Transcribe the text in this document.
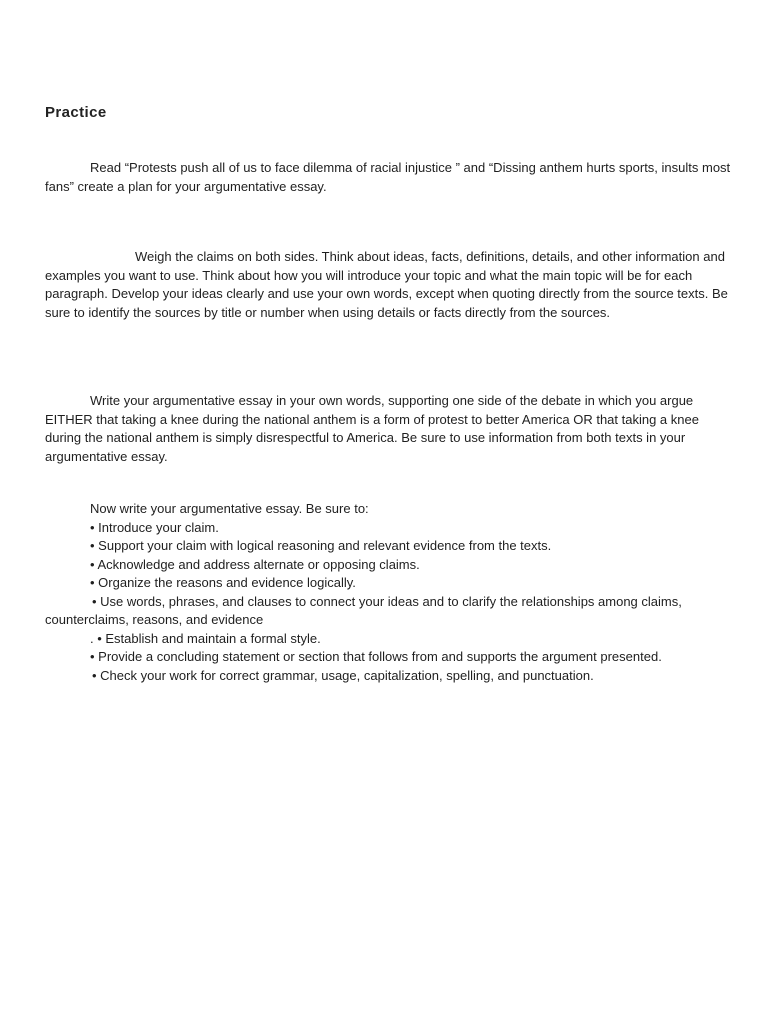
Practice

Read “Protests push all of us to face dilemma of racial injustice ” and “Dissing anthem hurts sports, insults most fans” create a plan for your argumentative essay.

Weigh the claims on both sides. Think about ideas, facts, definitions, details, and other information and examples you want to use. Think about how you will introduce your topic and what the main topic will be for each paragraph. Develop your ideas clearly and use your own words, except when quoting directly from the source texts. Be sure to identify the sources by title or number when using details or facts directly from the sources.

Write your argumentative essay in your own words, supporting one side of the debate in which you argue EITHER that taking a knee during the national anthem is a form of protest to better America OR that taking a knee during the national anthem is simply disrespectful to America. Be sure to use information from both texts in your argumentative essay.

Now write your argumentative essay. Be sure to:
• Introduce your claim.
• Support your claim with logical reasoning and relevant evidence from the texts.
• Acknowledge and address alternate or opposing claims.
• Organize the reasons and evidence logically.
• Use words, phrases, and clauses to connect your ideas and to clarify the relationships among claims, counterclaims, reasons, and evidence
. • Establish and maintain a formal style.
• Provide a concluding statement or section that follows from and supports the argument presented.
• Check your work for correct grammar, usage, capitalization, spelling, and punctuation.
